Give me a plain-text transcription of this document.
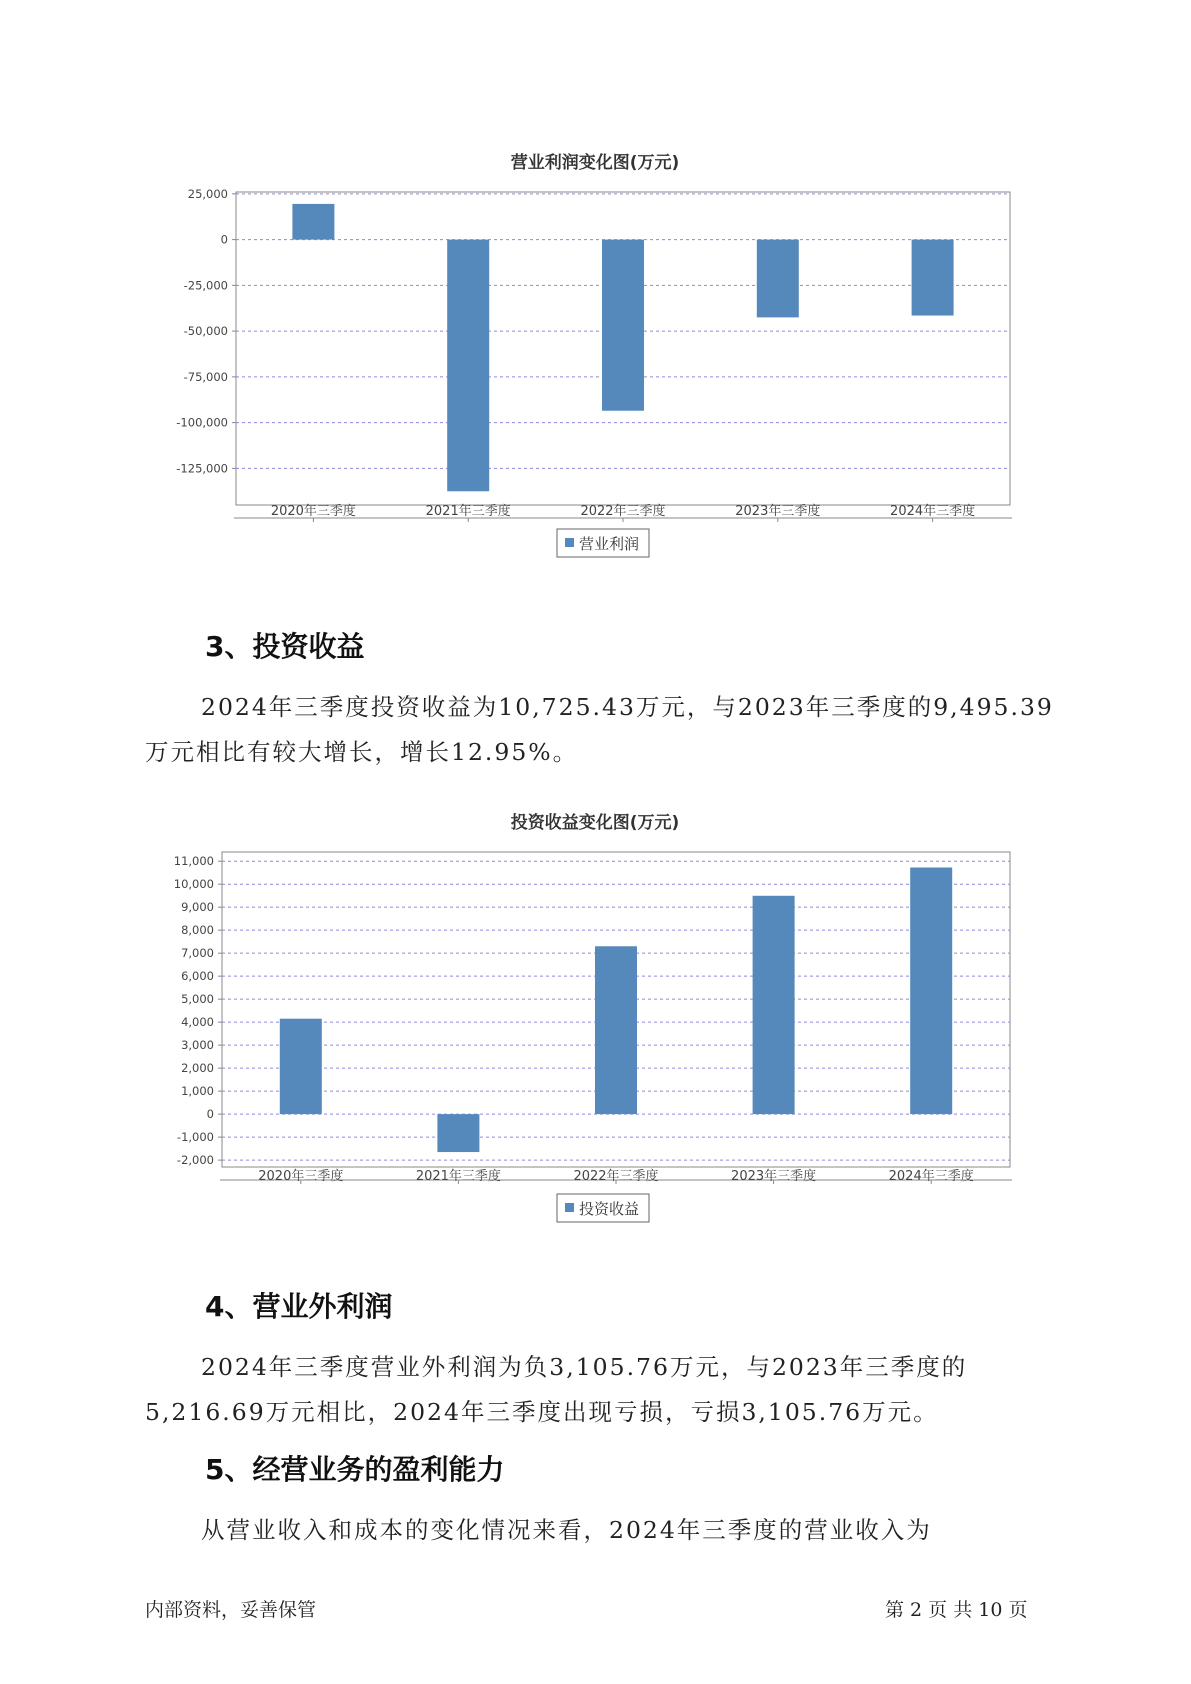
营业利润变化图(万元)
25,000
0
-25,000
-50,000
-75,000
-100,000
-125,000
2020年三季度	2021年三季度	2022年三季度	2023年三季度	2024年三季度
营业利润
3、投资收益

2024年三季度投资收益为10,725.43万元，与2023年三季度的9,495.39万元相比有较大增长，增长12.95%。

投资收益变化图(万元)
11,000
10,000
9,000
8,000
7,000
6,000
5,000
4,000
3,000
2,000
1,000
0
-1,000
-2,000
2020年三季度	2021年三季度	2022年三季度	2023年三季度	2024年三季度
投资收益
4、营业外利润

2024年三季度营业外利润为负3,105.76万元，与2023年三季度的5,216.69万元相比，2024年三季度出现亏损，亏损3,105.76万元。

5、经营业务的盈利能力

从营业收入和成本的变化情况来看，2024年三季度的营业收入为

内部资料，妥善保管	第 2 页 共 10 页
